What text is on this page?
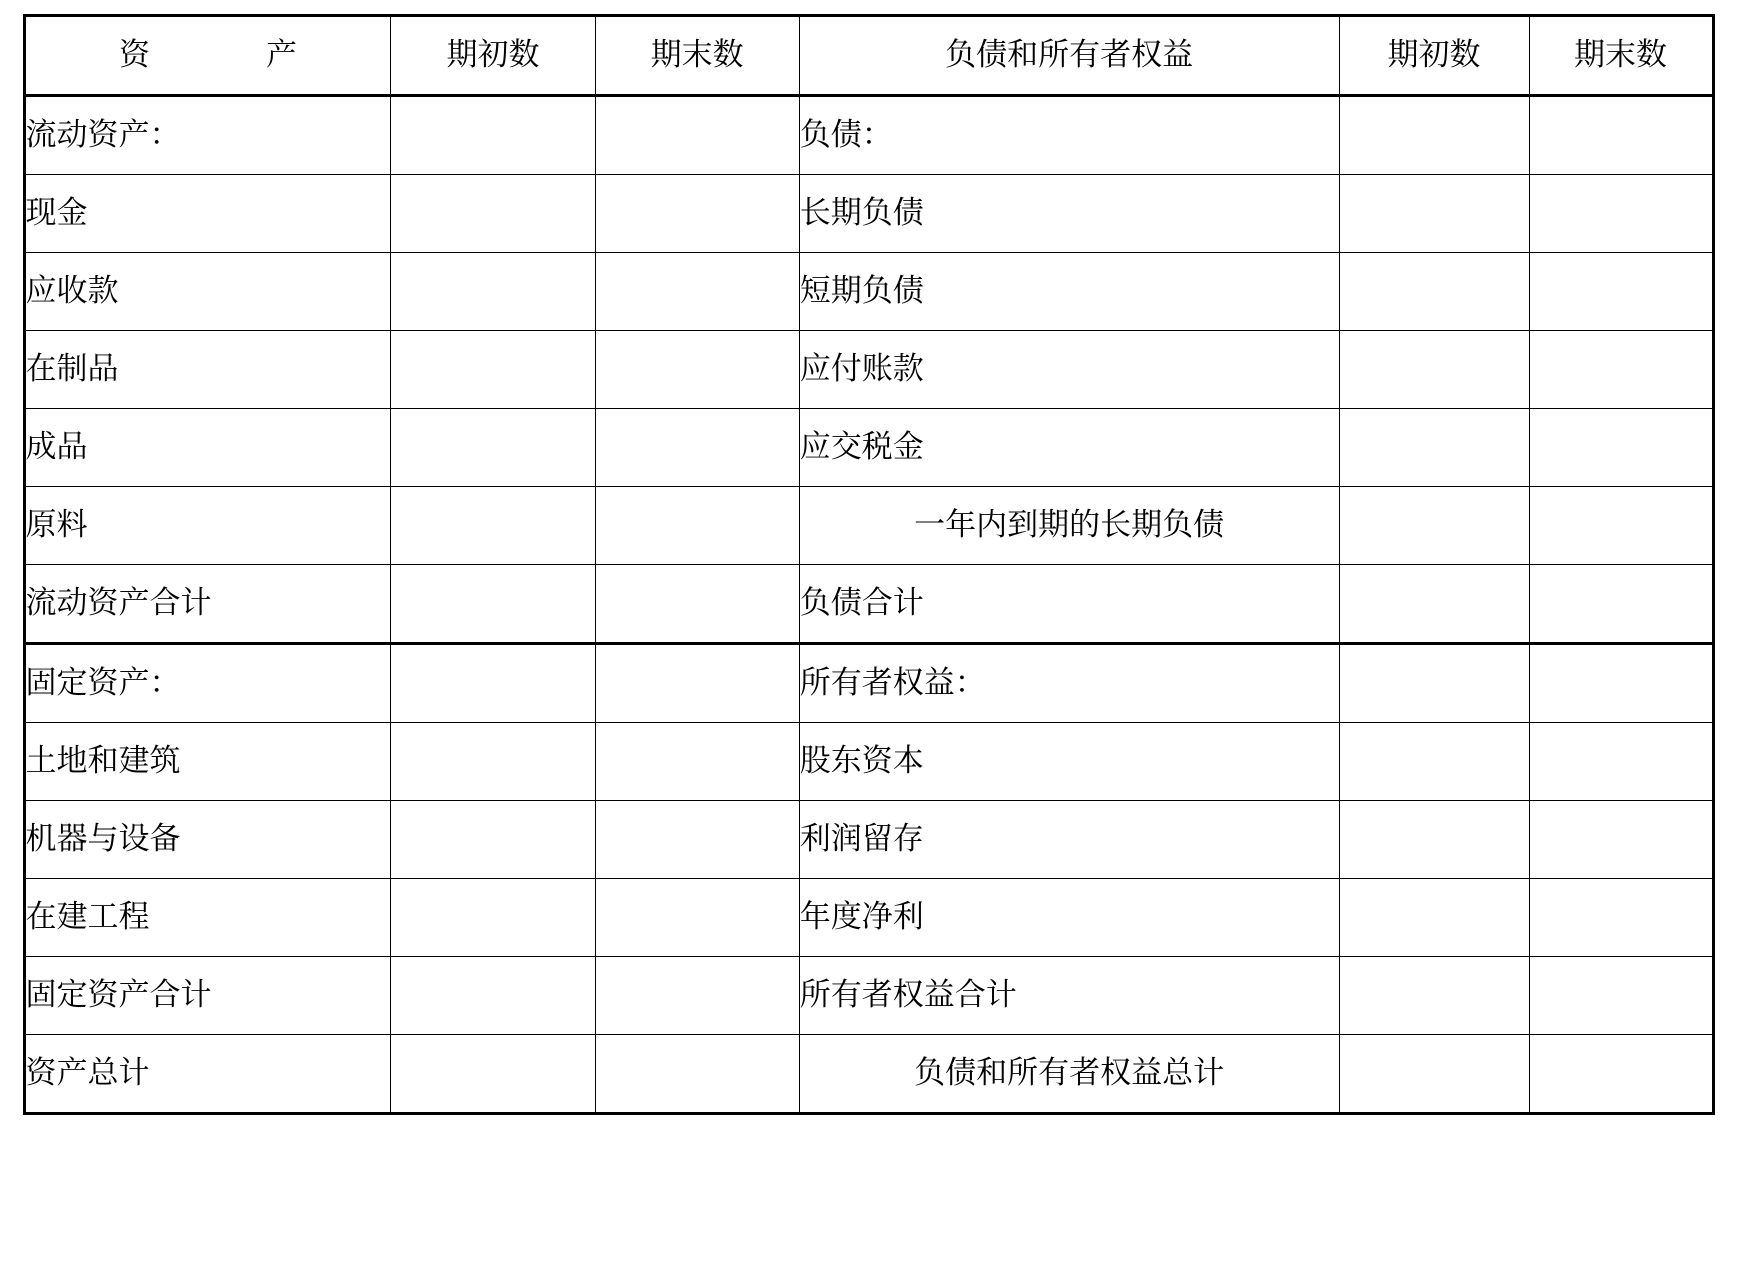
资　　产	期初数	期末数	负债和所有者权益	期初数	期末数
流动资产：			负债：		
现金			长期负债		
应收款			短期负债		
在制品			应付账款		
成品			应交税金		
原料			一年内到期的长期负债		
流动资产合计			负债合计		
固定资产：			所有者权益：		
土地和建筑			股东资本		
机器与设备			利润留存		
在建工程			年度净利		
固定资产合计			所有者权益合计		
资产总计			负债和所有者权益总计		
